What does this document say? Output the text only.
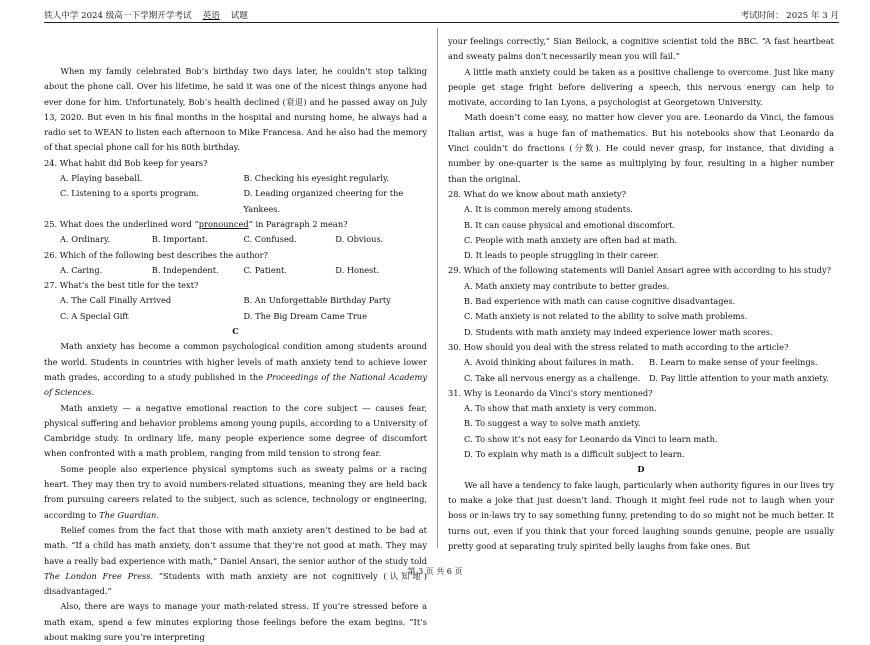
铁人中学 2024 级高一下学期开学考试 英语 试题	考试时间： 2025 年 3 月
When my family celebrated Bob’s birthday two days later, he couldn’t stop talking about the phone call. Over his lifetime, he said it was one of the nicest things anyone had ever done for him. Unfortunately, Bob’s health declined (衰退) and he passed away on July 13, 2020. But even in his final months in the hospital and nursing home, he always had a radio set to WEAN to listen each afternoon to Mike Francesa. And he also had the memory of that special phone call for his 80th birthday.
24. What habit did Bob keep for years?
A. Playing baseball.	B. Checking his eyesight regularly.
C. Listening to a sports program.	D. Leading organized cheering for the Yankees.
25. What does the underlined word “pronounced” in Paragraph 2 mean?
A. Ordinary.	B. Important.	C. Confused.	D. Obvious.
26. Which of the following best describes the author?
A. Caring.	B. Independent.	C. Patient.	D. Honest.
27. What’s the best title for the text?
A. The Call Finally Arrived	B. An Unforgettable Birthday Party
C. A Special Gift	D. The Big Dream Came True
C
Math anxiety has become a common psychological condition among students around the world. Students in countries with higher levels of math anxiety tend to achieve lower math grades, according to a study published in the Proceedings of the National Academy of Sciences.
Math anxiety — a negative emotional reaction to the core subject — causes fear, physical suffering and behavior problems among young pupils, according to a University of Cambridge study. In ordinary life, many people experience some degree of discomfort when confronted with a math problem, ranging from mild tension to strong fear.
Some people also experience physical symptoms such as sweaty palms or a racing heart. They may then try to avoid numbers-related situations, meaning they are held back from pursuing careers related to the subject, such as science, technology or engineering, according to The Guardian.
Relief comes from the fact that those with math anxiety aren’t destined to be bad at math. “If a child has math anxiety, don’t assume that they’re not good at math. They may have a really bad experience with math,” Daniel Ansari, the senior author of the study told The London Free Press. “Students with math anxiety are not cognitively (认知地) disadvantaged.”
Also, there are ways to manage your math-related stress. If you’re stressed before a math exam, spend a few minutes exploring those feelings before the exam begins. “It’s about making sure you’re interpreting
your feelings correctly,” Sian Beilock, a cognitive scientist told the BBC. “A fast heartbeat and sweaty palms don’t necessarily mean you will fail.”
A little math anxiety could be taken as a positive challenge to overcome. Just like many people get stage fright before delivering a speech, this nervous energy can help to motivate, according to Ian Lyons, a psychologist at Georgetown University.
Math doesn’t come easy, no matter how clever you are. Leonardo da Vinci, the famous Italian artist, was a huge fan of mathematics. But his notebooks show that Leonardo da Vinci couldn’t do fractions (分数). He could never grasp, for instance, that dividing a number by one-quarter is the same as multiplying by four, resulting in a higher number than the original.
28. What do we know about math anxiety?
A. It is common merely among students.
B. It can cause physical and emotional discomfort.
C. People with math anxiety are often bad at math.
D. It leads to people struggling in their career.
29. Which of the following statements will Daniel Ansari agree with according to his study?
A. Math anxiety may contribute to better grades.
B. Bad experience with math can cause cognitive disadvantages.
C. Math anxiety is not related to the ability to solve math problems.
D. Students with math anxiety may indeed experience lower math scores.
30. How should you deal with the stress related to math according to the article?
A. Avoid thinking about failures in math.	B. Learn to make sense of your feelings.
C. Take all nervous energy as a challenge.	D. Pay little attention to your math anxiety.
31. Why is Leonardo da Vinci’s story mentioned?
A. To show that math anxiety is very common.
B. To suggest a way to solve math anxiety.
C. To show it’s not easy for Leonardo da Vinci to learn math.
D. To explain why math is a difficult subject to learn.
D
We all have a tendency to fake laugh, particularly when authority figures in our lives try to make a joke that just doesn’t land. Though it might feel rude not to laugh when your boss or in-laws try to say something funny, pretending to do so might not be much better. It turns out, even if you think that your forced laughing sounds genuine, people are usually pretty good at separating truly spirited belly laughs from fake ones. But
第 3 页 共 6 页
